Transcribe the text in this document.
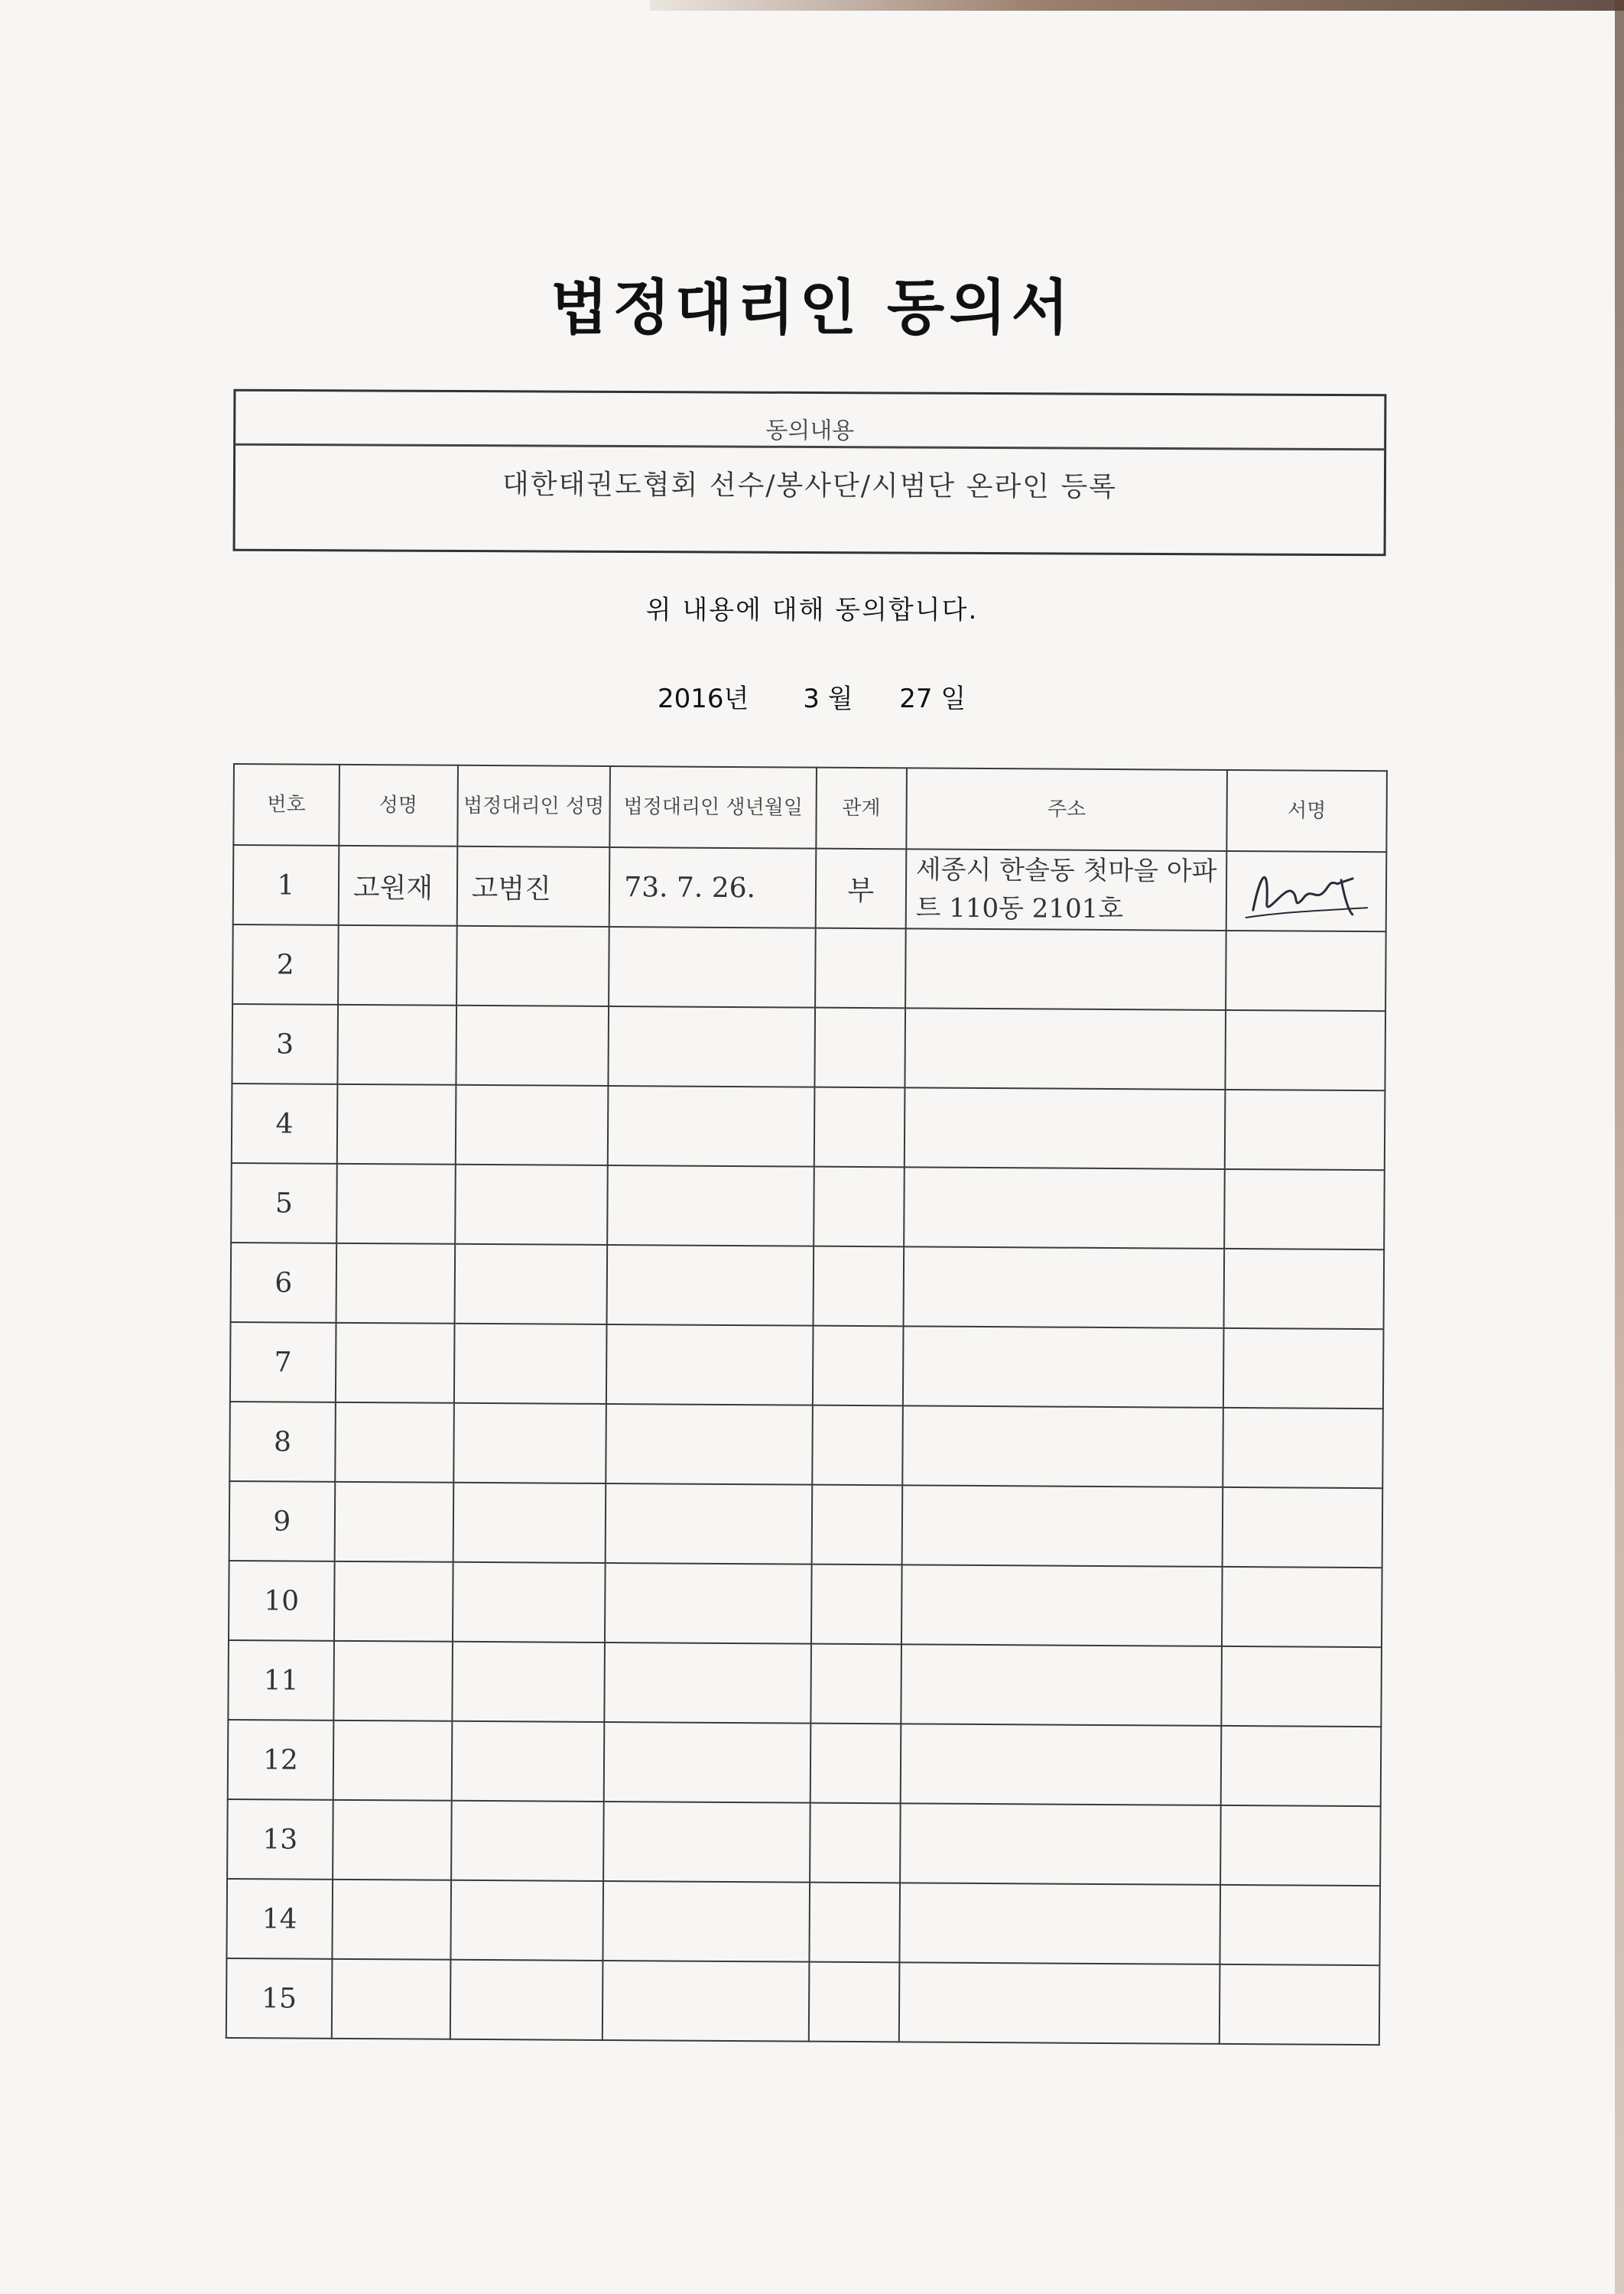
법정대리인 동의서
동의내용
대한태권도협회 선수/봉사단/시범단 온라인 등록
위 내용에 대해 동의합니다.
2016년 3 월 27 일
번호	성명	법정대리인 성명	법정대리인 생년월일	관계	주소	서명
1	고원재	고범진	73. 7. 26.	부	세종시 한솔동 첫마을 아파트 110동 2101호	

2						
3						
4						
5						
6						
7						
8						
9						
10						
11						
12						
13						
14						
15						
